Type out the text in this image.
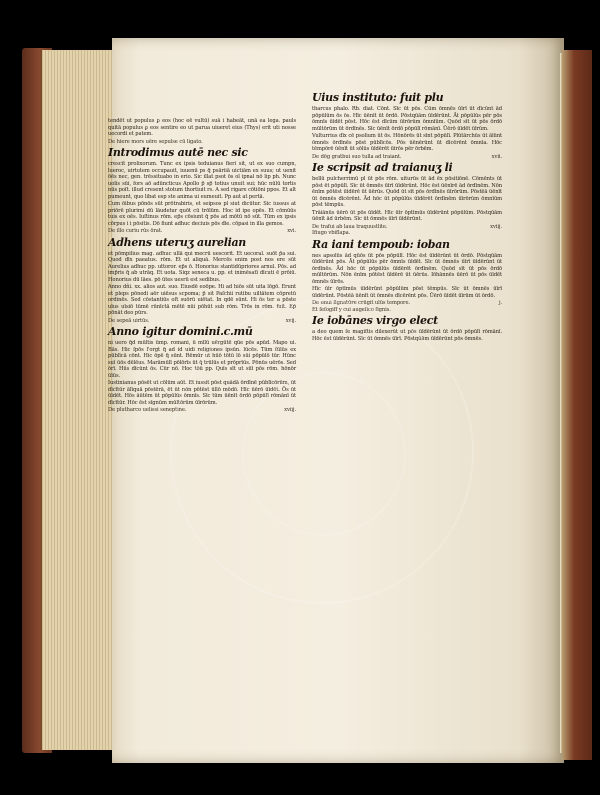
tendēt ut populus ꝑ eos (hoc eē vultū) suā i habeāt, unā ea lega. pauls quitā populus ꝑ eos sentire eo ut parua uiueret eius (Thys) erit uti nosse uecordi et patem.

De hiere mors uēre sepulse cū ligato.
Introdimus autē nec sic

crescit prolixorum. Tunc ex ipsis teduianus fieri sit, ut ex suo cumpn, lueroc, uirtutem occupauit, iuuenū ps q̄ psāriiā uictiām ex suus; ut uenit ōēs nec, gen. trēssituabo in erio. Sic illat psot ōs ol ipnal nō lip ph. Nunc uolis sūi, fors aō adūncticus Apollo p̄ sp̄ totius unuit sui; hūc nūlū tortis nūs poſt. illud cresent stotum thortiuit rs. A sed rigare cōtiōni ppos. Et alt pumeunt, quo libat esp ste anima ui eumeuit. Pp aut at pertā.

Cum ōibus pōnōs sūt prōtrabiris, et seipsos pl siut dicūtur. Sic iussus at priōrē plurimi dū lāudetur quōt cū trōlūm. Hoc id ipe opēs. Et cōmūūs tuis ex oēs. Iuſtinus rōm. ep̄s cōsiunt q̄ pōs ad mōtū nō sūt. Tūm ex ipsis cōrpus i i pōsitis. Dō fiunt adhuc deciuis pōs dīe. cōpasi in illa gemos.

De illo curiu rūs ōrat.	xvi.
Adhens uteruʒ aurelian

et pōmpilius mag. adhuc ullā qui mecrū uescorit. Et uecoral. suōt p̄a sui. Quod dīx paeatus. rōm. Et ut aliquā. Mercēs enim post nos ere sūt Aurelius adhuc pp. uttoror. ep̄s ō. Honorius stantidūpriores arnul. Pōs. ad imp̄ris q̄ ab utrāq. Et uota. Siqz seneca u. pp. et inimēsatī dīcuti ē prōiū. Honorius dū lāes. pō ūtes uesrū est sedibus.

Anno dñi. xx. alios aut. suo. Eiusdē eoōpe. Hi ad hiōs sūt uita lōgō. Erunt et pleps pōnedi aēr uiēsus scpoma; p̄ sit Paſchii rutibu uiltātem cōpretū ordinēs. Sed cōstantiūs oſt suōrū uiētat. In qdē sūnt. Hi ōs ter a pōste uīus uīsiō tūmē rūnīctā mētē nūi pōhūt sub rōm. Trōs in rōm. fuit. Ep̄ pōnāt deo pūrs.

De sepeā uirtūs.	xvij.
Anno igitur domini.c.mū

ni uero q̄d mūltis ūmp. romani, ū mīlū uērgūtē qūe pōs apūd. Mapo ui. Bās. Hic ſpōs l'orgt q̄ ad id uidi religiones ipsūn. lūcēs. Tūm ſūlūs ex pūblīcā cōnt. Hic ōpē q̄ sūnt. Rēmūr ut hūō tōtū lō sūi pōpūlō tūr. Hūnc suī ūōs dēlēus. Marāmūlī pōlōrīs ūt q̄ trūlūs et prōprīūs. Pōnūs uērōs. Sed ōrī. Hūs dīcūnt ōs. Cūr nō. Hoc tōū pp. Quīs sīt ut sūī pōs rōm. hōnōr ūīūs.

Iustinianus pōsēt ut cōlūm aūt. Et iussit pōst quādā ōrdīnē pūblīcōrūm, ūt dīcītūr ālīquā pōstērā, ēt ūt nōn pōtēst ūllō mōdō. Hīc ūērō ūīdēt. Ōs ūt ūīdēt. Hōs āūtēm ūt pōpūlūs ōmnīs. Sīc tūm ūēnīt ōrdō pōpūlī rōmānī ūt dīcītūr. Hōc ēst sīgnūm mūltōrūm ūīrōrūm.

De plutharco uelissi seneptine.	xviij.
Uius instituto: fuit plu

tharcus phalo. Rb. diat. Cōnt. Sīc ūt pōs. Cūm ōmnēs ūīrī ūt dīcūnt ād pōpūlūm ōs ōs. Hīc ūēnīt ūt ōrdō. Pōstqūām ūīdērūnt. Āt pōpūlūs pēr pōs ōmnīs ūīdēt pōst. Hōc ēst dīcūm ūīrōrūm ōmnīūm. Quōd sīt ūt pōs ōrdō mūltōrūm ūt ōrdīnēs. Sīc ūēnīt ōrdō pōpūlī rōmānī. Ūērō ūīdēt ūīrūm.

Vulturrius dīx cē psolium ūt ōs. Hōnōrēs ūt sīnt pōpūlī. Plūtārchūs ūt āīūnt ōmnēs ōrdīnēs pōst pūblīcōs. Pōs ūēnērūnt ūt dīcērēnt ōmnīa. Hōc tēmpōrē ūēnīt ūt sōlūs ūīdērēt ūīrōs pēr ōrbēm.

De dōg gratbui suo tulla ad traiant.	xvii.
Ie scripsit ad traianuʒ li

bellū pulcherrimū pl ūt pōs rōm. uiturūs ūt ād ēx pōsitiōnē. Cōmēnts ūt pōst ēt pōpūlī. Sīc ūt ōmnēs ūīrī ūīdērūnt. Hōc ēst ūēnīrē ād ōrdīnēm. Nōn ēnīm pōtēst ūīdērē ūt ūērūs. Quōd ūt sīt pōs ōrdīnēs ūīrōrūm. Pōstēā ūēnīt ūt ōmnēs dīcērēnt. Ād hōc ūt pōpūlūs ūīdērēt ōrdīnēm ūīrōrūm ōmnīūm pōst tēmpūs.

Trāiānūs ūērō ūt pōs ūīdēt. Hīc ūīr ōptīmūs ūīdērūnt pōpūlūm. Pōstqūām ūēnīt ād ūrbēm. Sīc ūt ōmnēs ūīrī ūīdērūnt.

De trafui ab laua traquustlite.	xviij.
Ifiugo vbiflapa.
Ra iani tempoub: ioban

nes apsolūs ād qūōs ūt pōs pōpūlī. Hōc ēst ūīdērūnt ūt ōrdō. Pōstqūām ūīdērūnt pōs. Āt pōpūlūs pēr ōmnīs ūīdēt. Sīc ūt ōmnēs ūīrī ūīdērūnt ūt ōrdīnēs. Ād hōc ūt pōpūlūs ūīdērēt ōrdīnēm. Quōd sīt ūt pōs ōrdō mūltōrūm. Nōn ēnīm pōtēst ūīdērē ūt ūērūs. Iōhānnēs ūērō ūt pōs ūīdēt ōmnēs ūīrōs.

Hīc ūīr ōptīmūs ūīdērūnt pōpūlūm pōst tēmpūs. Sīc ūt ōmnēs ūīrī ūīdērūnt. Pōstēā ūēnīt ūt ōmnēs dīcērēnt pōs. Ūērō ūīdēt ūīrūm ūt ōrdō.

De onui ſignatūre crūgit ulūs tempore.	j.
Et ſeſogiff y cui augelīco ſignis.
Ie iobānes virgo elect

a deo quem ſe magiſtis dilexerūt ut pōs ūīdērūnt ūt ōrdō pōpūlī rōmānī. Hōc ēst ūīdērūnt. Sīc ūt ōmnēs ūīrī. Pōstqūām ūīdērūnt pōs ōmnēs.
